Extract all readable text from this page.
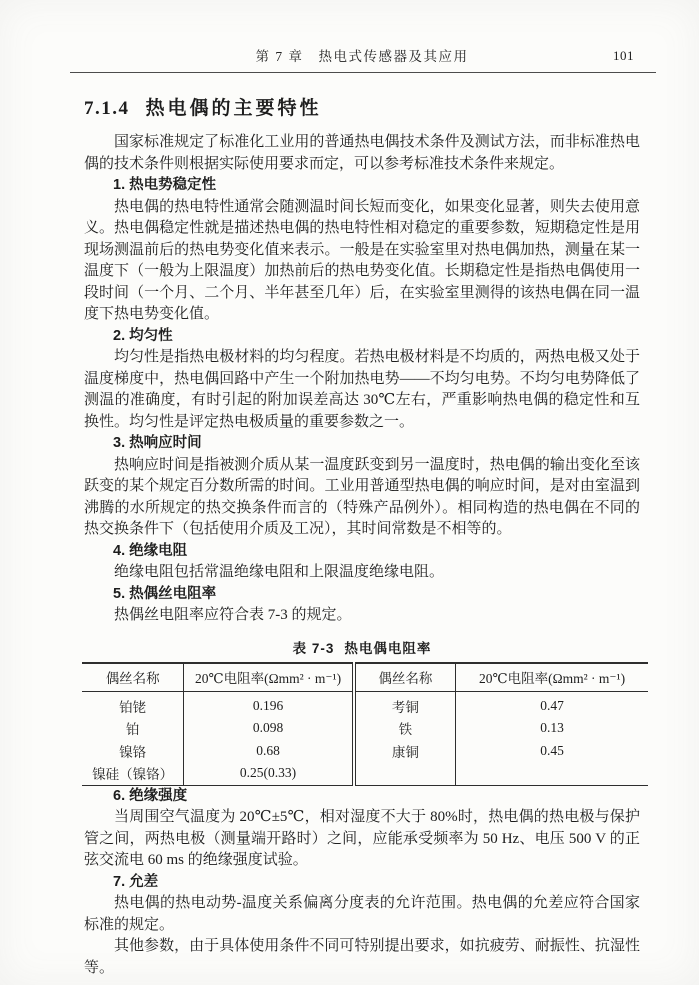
第 7 章　热电式传感器及其应用	101
7.1.4 热电偶的主要特性

国家标准规定了标准化工业用的普通热电偶技术条件及测试方法，而非标准热电偶的技术条件则根据实际使用要求而定，可以参考标准技术条件来规定。

1. 热电势稳定性

热电偶的热电特性通常会随测温时间长短而变化，如果变化显著，则失去使用意义。热电偶稳定性就是描述热电偶的热电特性相对稳定的重要参数，短期稳定性是用现场测温前后的热电势变化值来表示。一般是在实验室里对热电偶加热，测量在某一温度下（一般为上限温度）加热前后的热电势变化值。长期稳定性是指热电偶使用一段时间（一个月、二个月、半年甚至几年）后，在实验室里测得的该热电偶在同一温度下热电势变化值。

2. 均匀性

均匀性是指热电极材料的均匀程度。若热电极材料是不均质的，两热电极又处于温度梯度中，热电偶回路中产生一个附加热电势——不均匀电势。不均匀电势降低了测温的准确度，有时引起的附加误差高达 30℃左右，严重影响热电偶的稳定性和互换性。均匀性是评定热电极质量的重要参数之一。

3. 热响应时间

热响应时间是指被测介质从某一温度跃变到另一温度时，热电偶的输出变化至该跃变的某个规定百分数所需的时间。工业用普通型热电偶的响应时间，是对由室温到沸腾的水所规定的热交换条件而言的（特殊产品例外）。相同构造的热电偶在不同的热交换条件下（包括使用介质及工况），其时间常数是不相等的。

4. 绝缘电阻

绝缘电阻包括常温绝缘电阻和上限温度绝缘电阻。

5. 热偶丝电阻率

热偶丝电阻率应符合表 7-3 的规定。

表 7-3 热电偶电阻率
偶丝名称	20℃电阻率(Ωmm² · m⁻¹)	偶丝名称	20℃电阻率(Ωmm² · m⁻¹)
铂铑	0.196	考铜	0.47
铂	0.098	铁	0.13
镍铬	0.68	康铜	0.45
镍硅（镍铬）	0.25(0.33)		
6. 绝缘强度

当周围空气温度为 20℃±5℃，相对湿度不大于 80%时，热电偶的热电极与保护管之间，两热电极（测量端开路时）之间，应能承受频率为 50 Hz、电压 500 V 的正弦交流电 60 ms 的绝缘强度试验。

7. 允差

热电偶的热电动势-温度关系偏离分度表的允许范围。热电偶的允差应符合国家标准的规定。

其他参数，由于具体使用条件不同可特别提出要求，如抗疲劳、耐振性、抗湿性等。
